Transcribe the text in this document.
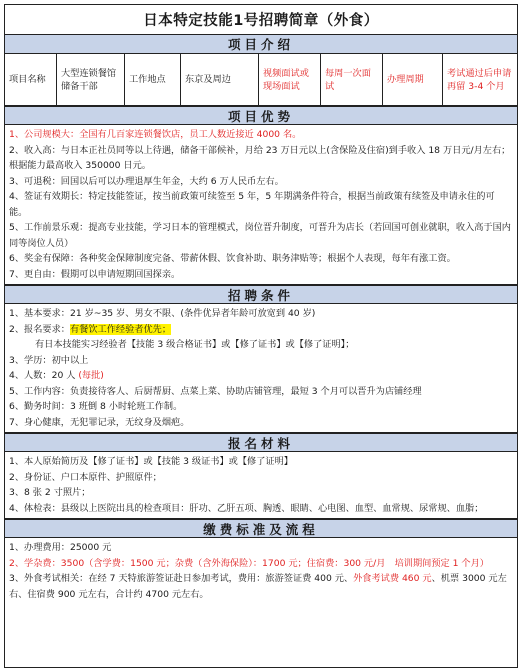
日本特定技能1号招聘简章（外食）
项目介绍
项目名称
大型连锁餐馆储备干部
工作地点	东京及周边
视频面试或现场面试
每周一次面试
办理周期
考试通过后申请再留 3-4 个月
项目优势

1、公司规模大：全国有几百家连锁餐饮店，员工人数近接近 4000 名。

2、收入高：与日本正社员同等以上待遇，储备干部候补，月给 23 万日元以上(含保险及住宿)到手收入 18 万日元/月左右；根据能力最高收入 350000 日元。

3、可退税：回国以后可以办理退厚生年金，大约 6 万人民币左右。

4、签证有效期长：特定技能签证，按当前政策可续签至 5 年，5 年期满条件符合，根据当前政策有续签及申请永住的可能。

5、工作前景乐观：提高专业技能，学习日本的管理模式，岗位晋升制度，可晋升为店长（若回国可创业就职，收入高于国内同等岗位人员）

6、奖金有保障：各种奖金保障制度完备、带薪休假、饮食补助、职务津贴等；根据个人表现，每年有涨工资。

7、更自由：假期可以申请短期回国探亲。

招聘条件

1、基本要求：21 岁~35 岁、男女不限、(条件优异者年龄可放宽到 40 岁)

2、报名要求：有餐饮工作经验者优先；

有日本技能实习经验者【技能 3 级合格证书】或【修了证书】或【修了证明】；

3、学历：初中以上

4、人数：20 人 (每批)

5、工作内容：负责接待客人、后厨帮厨、点菜上菜、协助店铺管理，最短 3 个月可以晋升为店铺经理

6、勤务时间：3 班倒 8 小时轮班工作制。

7、身心健康，无犯罪记录，无纹身及烟疤。

报名材料

1、本人原始简历及【修了证书】或【技能 3 级证书】或【修了证明】

2、身份证、户口本原件、护照原件；

3、8 张 2 寸照片；

4、体检表：县级以上医院出具的检查项目：肝功、乙肝五项、胸透、眼睛、心电图、血型、血常规、尿常规、血脂；

缴费标准及流程

1、办理费用：25000 元

2、学杂费：3500（含学费：1500 元；杂费（含外海保险）：1700 元；住宿费：300 元/月　培训期间预定 1 个月）

3、外食考试相关：在经 7 天特旅游签证赴日参加考试，费用：旅游签证费 400 元、外食考试费 460 元、机票 3000 元左右、住宿费 900 元左右，合计约 4700 元左右。
